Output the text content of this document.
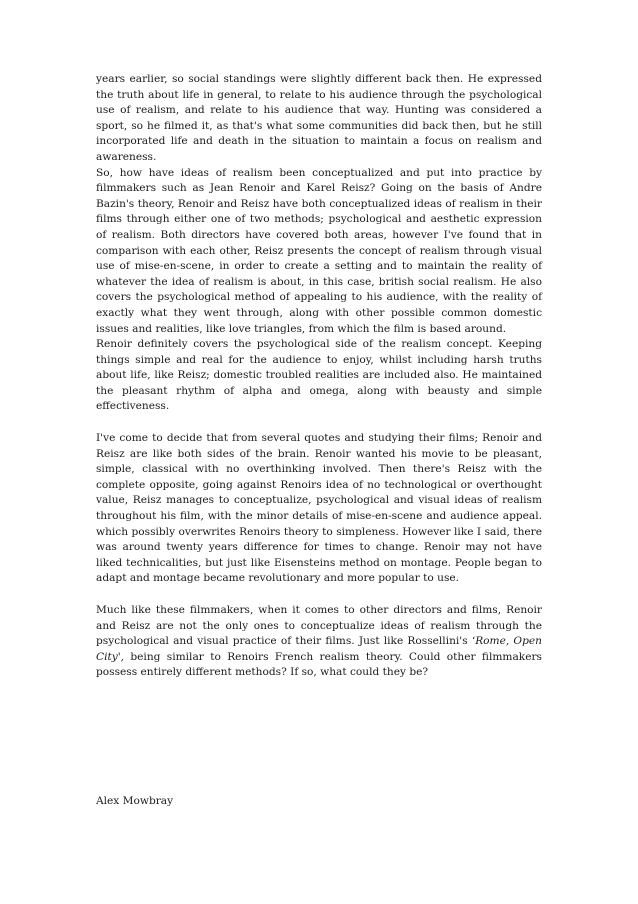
years earlier, so social standings were slightly different back then. He expressed the truth about life in general, to relate to his audience through the psychological use of realism, and relate to his audience that way. Hunting was considered a sport, so he filmed it, as that's what some communities did back then, but he still incorporated life and death in the situation to maintain a focus on realism and awareness.

So, how have ideas of realism been conceptualized and put into practice by filmmakers such as Jean Renoir and Karel Reisz? Going on the basis of Andre Bazin's theory, Renoir and Reisz have both conceptualized ideas of realism in their films through either one of two methods; psychological and aesthetic expression of realism. Both directors have covered both areas, however I've found that in comparison with each other, Reisz presents the concept of realism through visual use of mise-en-scene, in order to create a setting and to maintain the reality of whatever the idea of realism is about, in this case, british social realism. He also covers the psychological method of appealing to his audience, with the reality of exactly what they went through, along with other possible common domestic issues and realities, like love triangles, from which the film is based around.

Renoir definitely covers the psychological side of the realism concept. Keeping things simple and real for the audience to enjoy, whilst including harsh truths about life, like Reisz; domestic troubled realities are included also. He maintained the pleasant rhythm of alpha and omega, along with beausty and simple effectiveness.

I've come to decide that from several quotes and studying their films; Renoir and Reisz are like both sides of the brain. Renoir wanted his movie to be pleasant, simple, classical with no overthinking involved. Then there's Reisz with the complete opposite, going against Renoirs idea of no technological or overthought value, Reisz manages to conceptualize, psychological and visual ideas of realism throughout his film, with the minor details of mise-en-scene and audience appeal. which possibly overwrites Renoirs theory to simpleness. However like I said, there was around twenty years difference for times to change. Renoir may not have liked technicalities, but just like Eisensteins method on montage. People began to adapt and montage became revolutionary and more popular to use.

Much like these filmmakers, when it comes to other directors and films, Renoir and Reisz are not the only ones to conceptualize ideas of realism through the psychological and visual practice of their films. Just like Rossellini's ‘Rome, Open City', being similar to Renoirs French realism theory. Could other filmmakers possess entirely different methods? If so, what could they be?

Alex Mowbray
